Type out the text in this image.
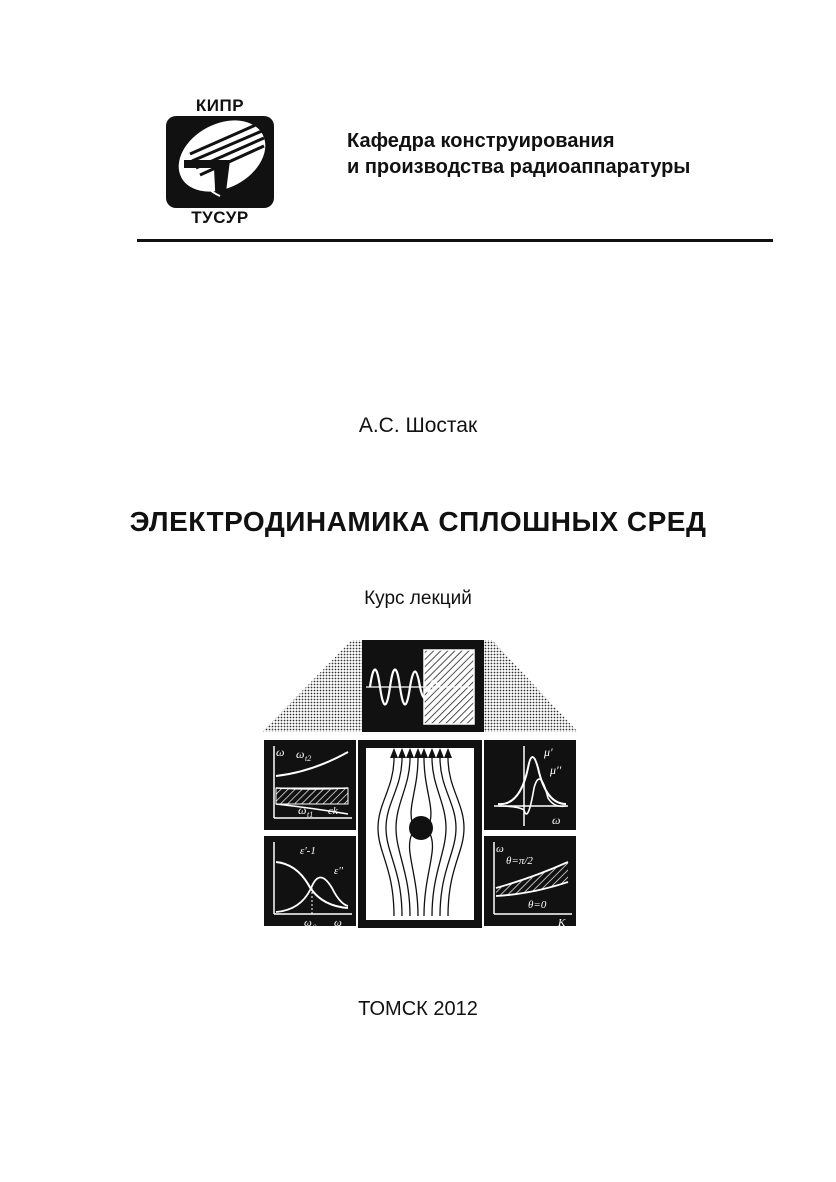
КИПР
ТУСУР
Кафедра конструирования
и производства радиоаппаратуры
А.С. Шостак
ЭЛЕКТРОДИНАМИКА СПЛОШНЫХ СРЕД
Курс лекций
ω ω t2
ω t1 ck
ε'-1
ε''
ω o ω
μ'
μ''
ω
ω
θ=π/2
θ=0
K
ТОМСК 2012
